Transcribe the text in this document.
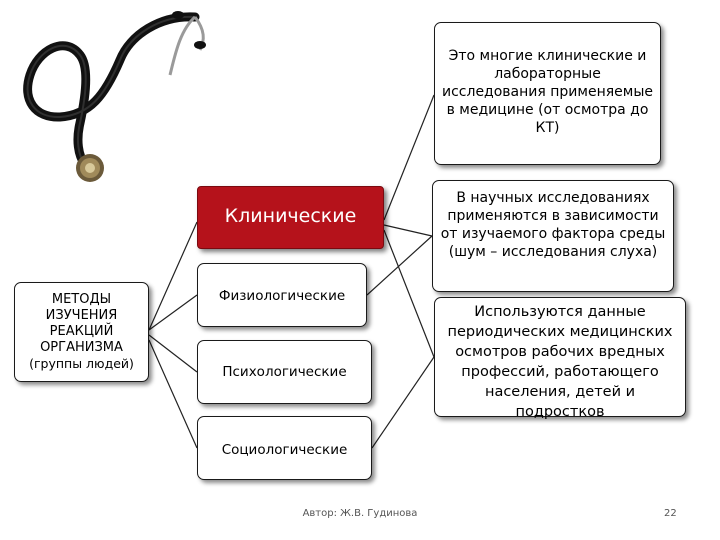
МЕТОДЫ ИЗУЧЕНИЯ РЕАКЦИЙ ОРГАНИЗМА
(группы людей)
Клинические
Физиологические
Психологические
Социологические
Это многие клинические и лабораторные исследования применяемые в медицине (от осмотра до КТ)
В научных исследованиях применяются в зависимости от изучаемого фактора среды (шум – исследования слуха)
Используются данные периодических медицинских осмотров рабочих вредных профессий, работающего населения, детей и подростков
Автор: Ж.В. Гудинова	22
